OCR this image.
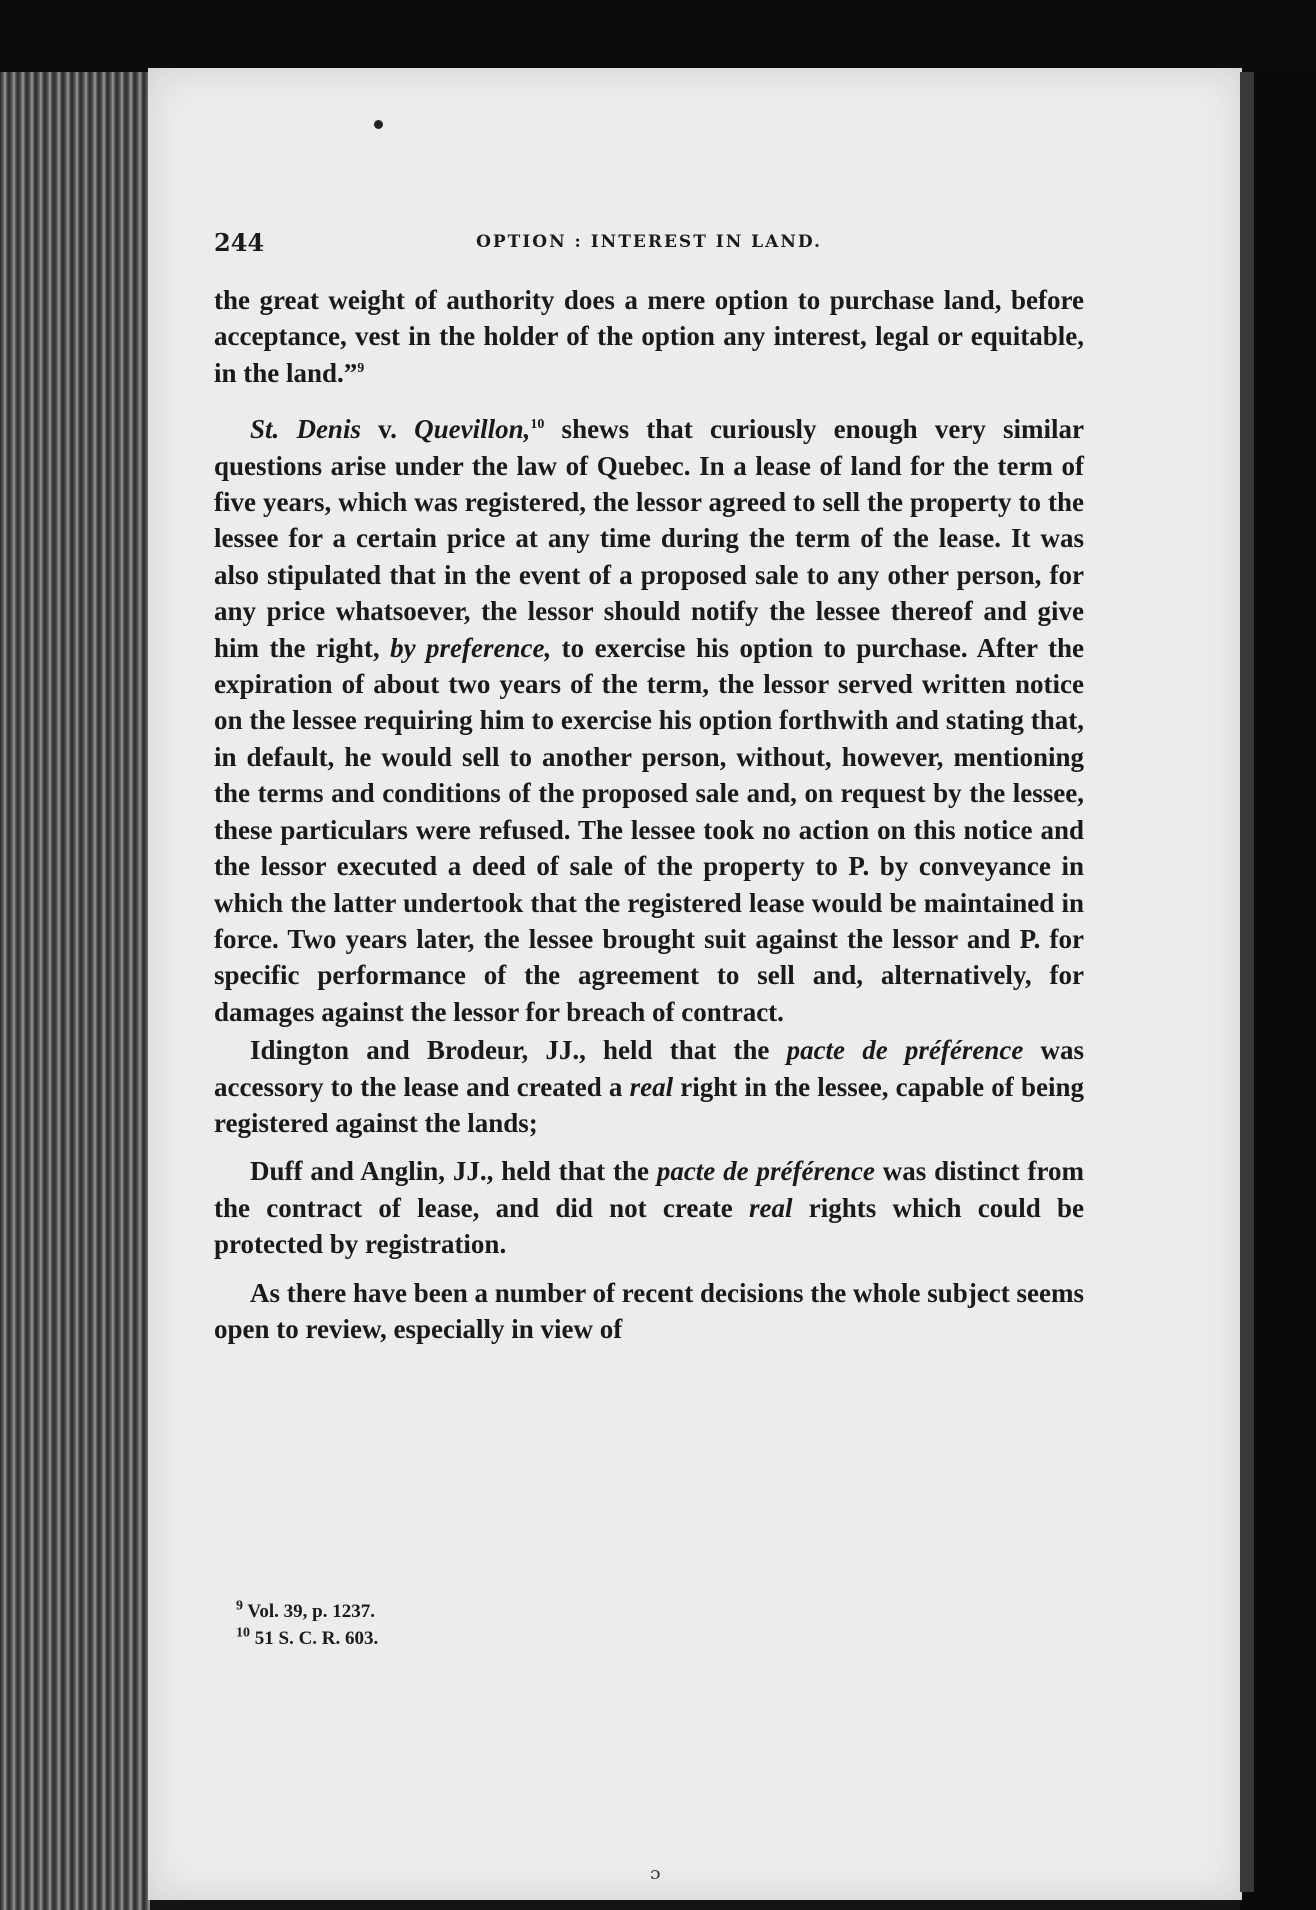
244	OPTION : INTEREST IN LAND.

the great weight of authority does a mere option to purchase land, before acceptance, vest in the holder of the option any interest, legal or equitable, in the land.”$^9$

St. Denis v. Quevillon,$^{10}$ shews that curiously enough very similar questions arise under the law of Quebec. In a lease of land for the term of five years, which was registered, the lessor agreed to sell the property to the lessee for a certain price at any time during the term of the lease. It was also stipulated that in the event of a proposed sale to any other person, for any price whatsoever, the lessor should notify the lessee thereof and give him the right, by preference, to exercise his option to purchase. After the expiration of about two years of the term, the lessor served written notice on the lessee requiring him to exercise his option forthwith and stating that, in default, he would sell to another person, without, however, mentioning the terms and conditions of the proposed sale and, on request by the lessee, these particulars were refused. The lessee took no action on this notice and the lessor executed a deed of sale of the property to P. by conveyance in which the latter undertook that the registered lease would be maintained in force. Two years later, the lessee brought suit against the lessor and P. for specific performance of the agreement to sell and, alternatively, for damages against the lessor for breach of contract.

Idington and Brodeur, JJ., held that the pacte de préférence was accessory to the lease and created a real right in the lessee, capable of being registered against the lands;

Duff and Anglin, JJ., held that the pacte de préférence was distinct from the contract of lease, and did not create real rights which could be protected by registration.

As there have been a number of recent decisions the whole subject seems open to review, especially in view of

$^9$ Vol. 39, p. 1237.

$^{10}$ 51 S. C. R. 603.

ᵓ
